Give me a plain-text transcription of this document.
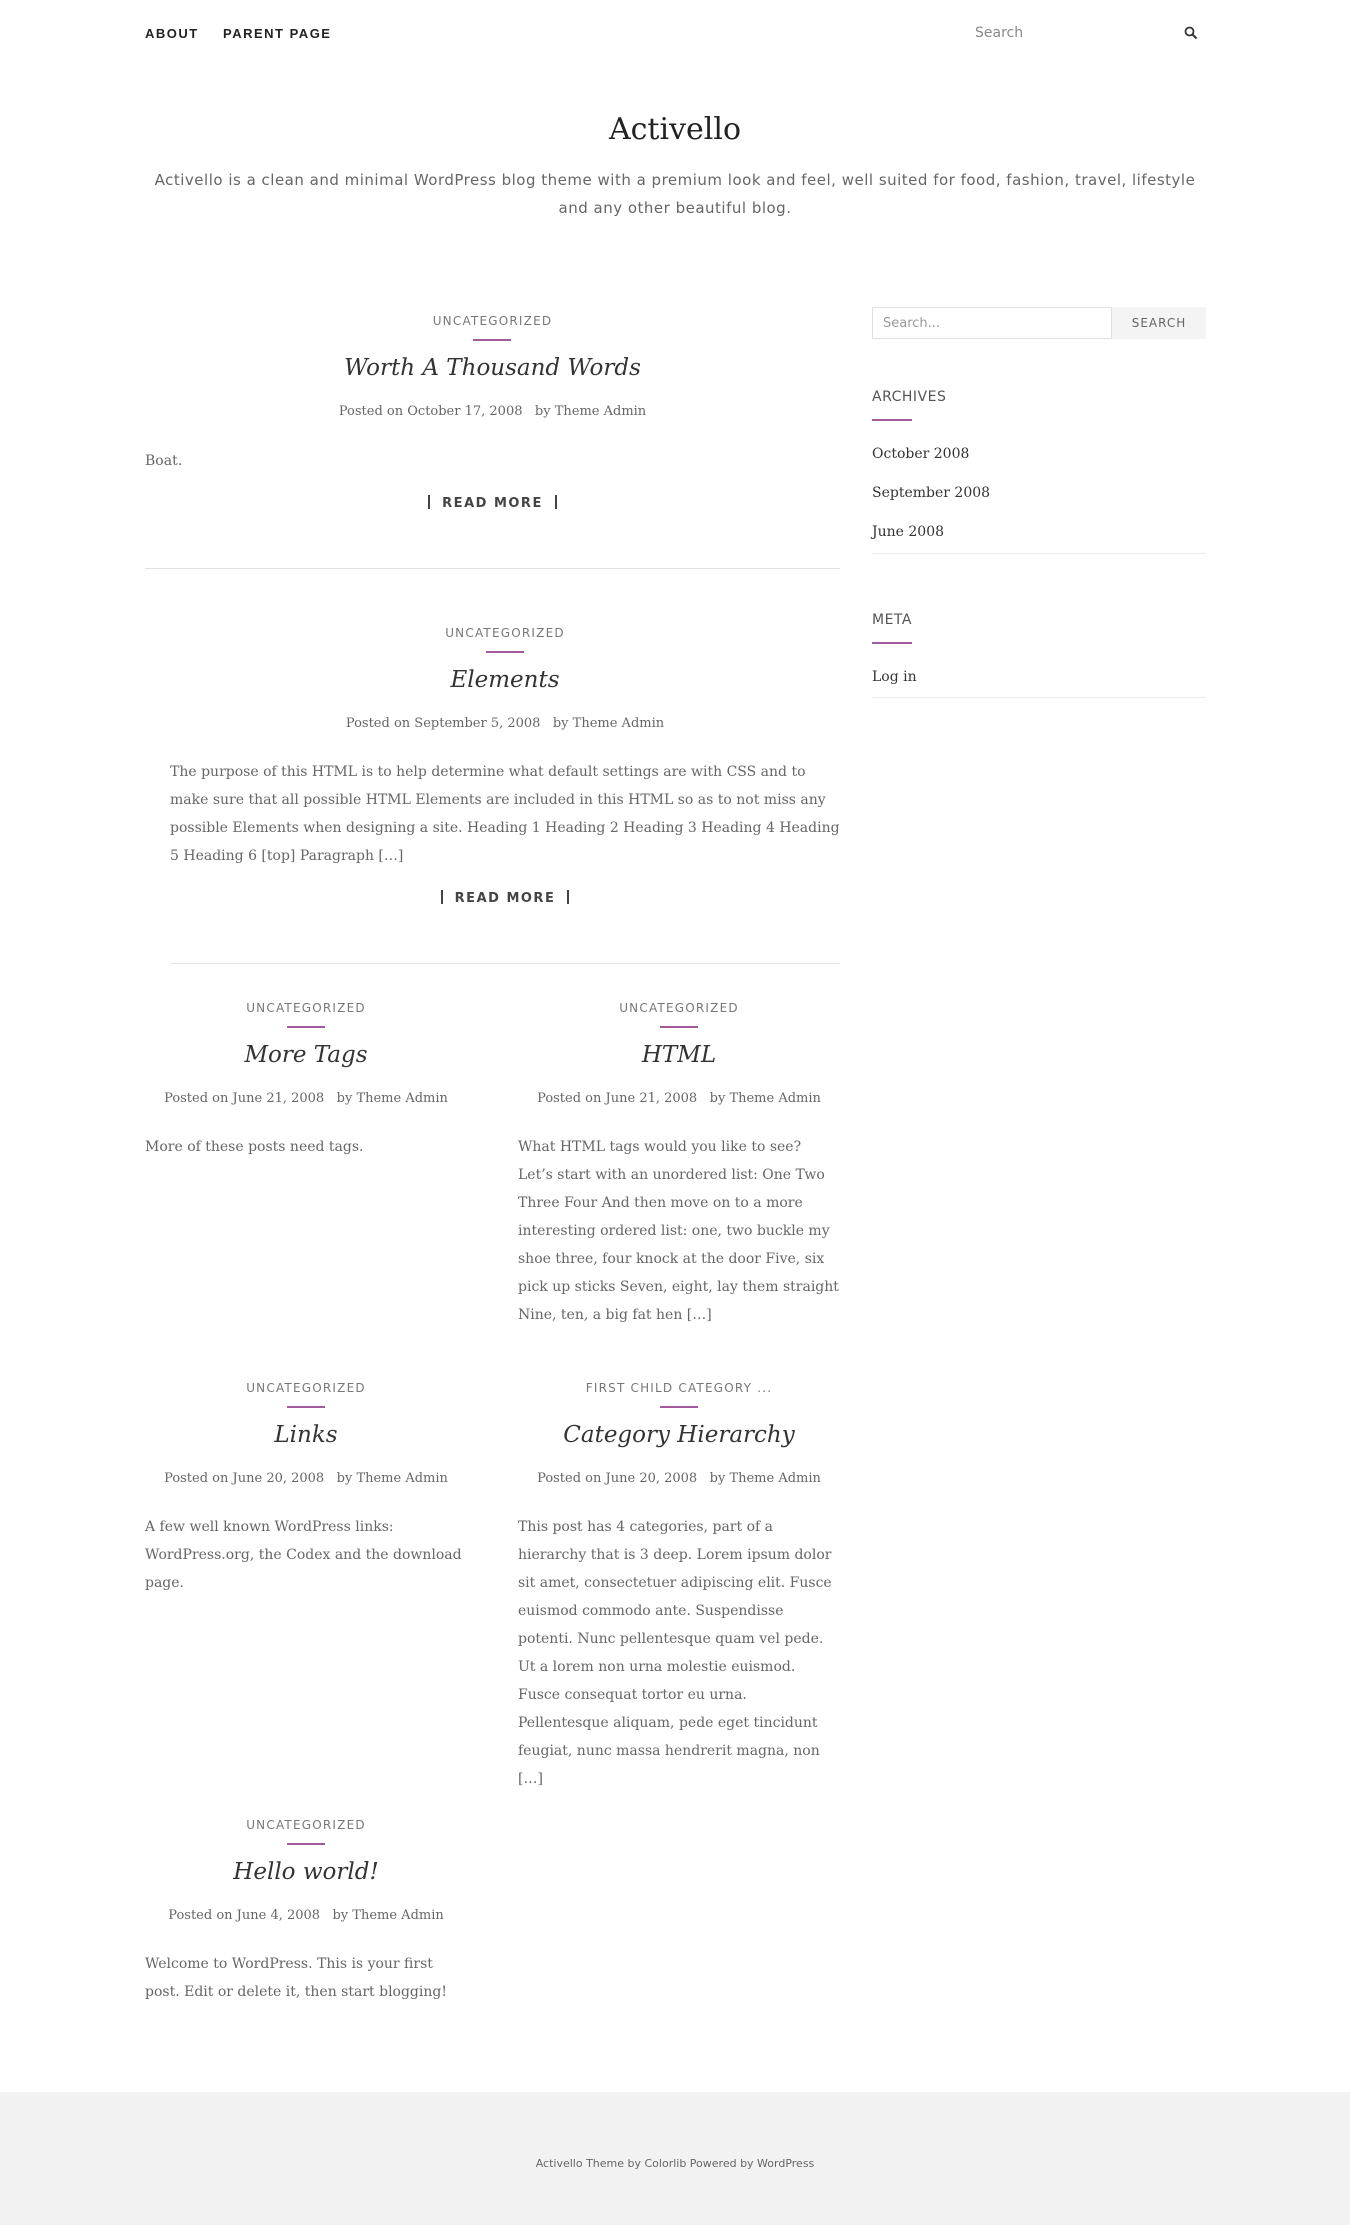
ABOUT PARENT PAGE
Search
Activello
Activello is a clean and minimal WordPress blog theme with a premium look and feel, well suited for food, fashion, travel, lifestyle and any other beautiful blog.
UNCATEGORIZED
Worth A Thousand Words
Posted on October 17, 2008 by Theme Admin
Boat.
READ MORE
UNCATEGORIZED
Elements
Posted on September 5, 2008 by Theme Admin
The purpose of this HTML is to help determine what default settings are with CSS and to make sure that all possible HTML Elements are included in this HTML so as to not miss any possible Elements when designing a site. Heading 1 Heading 2 Heading 3 Heading 4 Heading 5 Heading 6 [top] Paragraph […]
READ MORE
UNCATEGORIZED
More Tags
Posted on June 21, 2008 by Theme Admin
More of these posts need tags.
UNCATEGORIZED
HTML
Posted on June 21, 2008 by Theme Admin
What HTML tags would you like to see? Let’s start with an unordered list: One Two Three Four And then move on to a more interesting ordered list: one, two buckle my shoe three, four knock at the door Five, six pick up sticks Seven, eight, lay them straight Nine, ten, a big fat hen […]
UNCATEGORIZED
Links
Posted on June 20, 2008 by Theme Admin
A few well known WordPress links: WordPress.org, the Codex and the download page.
FIRST CHILD CATEGORY ...
Category Hierarchy
Posted on June 20, 2008 by Theme Admin
This post has 4 categories, part of a hierarchy that is 3 deep. Lorem ipsum dolor sit amet, consectetuer adipiscing elit. Fusce euismod commodo ante. Suspendisse potenti. Nunc pellentesque quam vel pede. Ut a lorem non urna molestie euismod. Fusce consequat tortor eu urna. Pellentesque aliquam, pede eget tincidunt feugiat, nunc massa hendrerit magna, non […]
UNCATEGORIZED
Hello world!
Posted on June 4, 2008 by Theme Admin
Welcome to WordPress. This is your first post. Edit or delete it, then start blogging!
Search...
SEARCH
ARCHIVES
October 2008
September 2008
June 2008
META
Log in
Activello Theme by Colorlib Powered by WordPress
